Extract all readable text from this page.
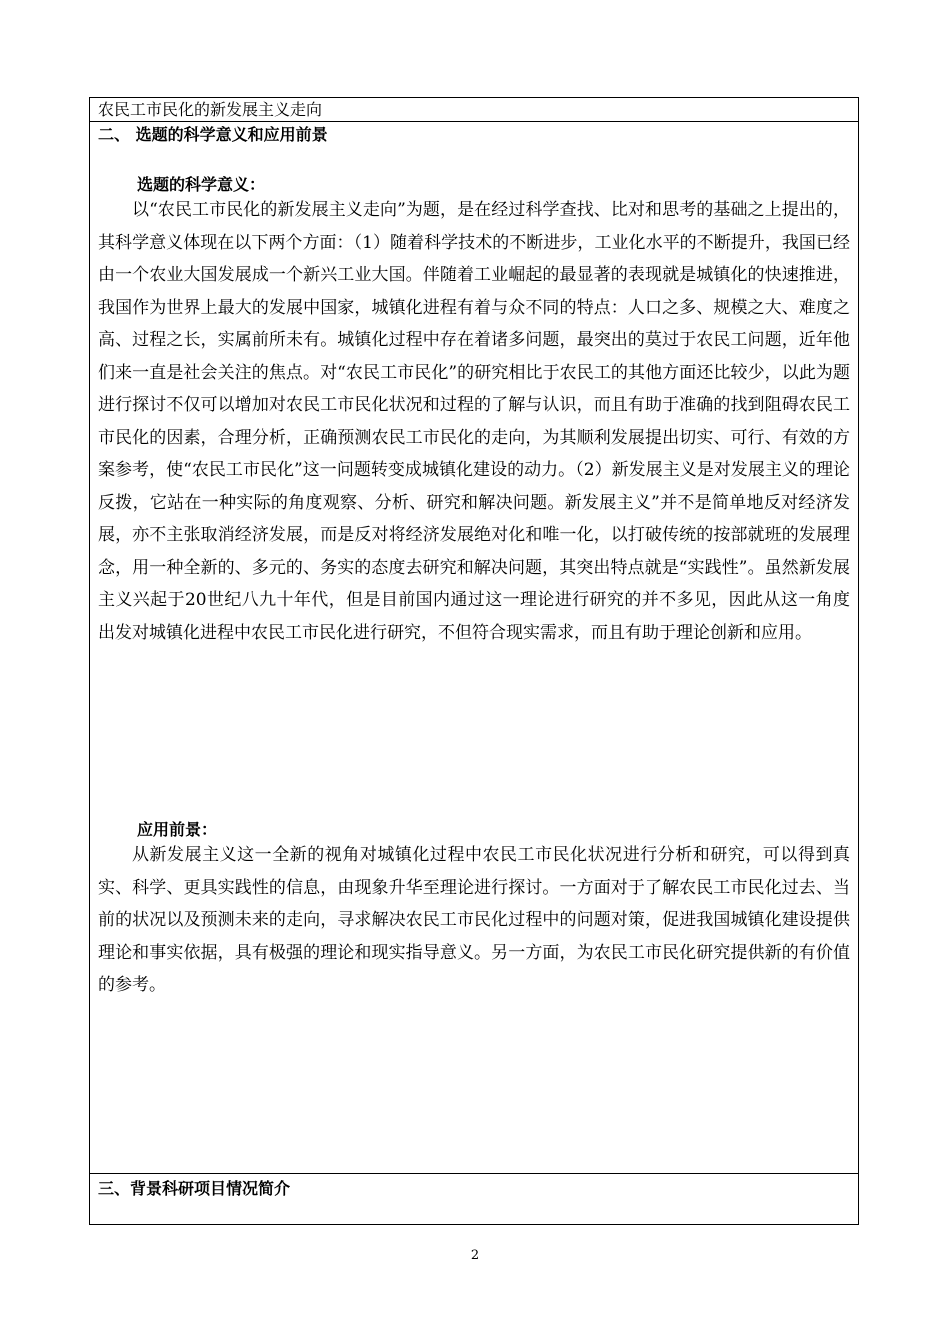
农民工市民化的新发展主义走向
二、 选题的科学意义和应用前景
选题的科学意义：

以“农民工市民化的新发展主义走向”为题，是在经过科学查找、比对和思考的基础之上提出的，其科学意义体现在以下两个方面：（1）随着科学技术的不断进步，工业化水平的不断提升，我国已经由一个农业大国发展成一个新兴工业大国。伴随着工业崛起的最显著的表现就是城镇化的快速推进，我国作为世界上最大的发展中国家，城镇化进程有着与众不同的特点：人口之多、规模之大、难度之高、过程之长，实属前所未有。城镇化过程中存在着诸多问题，最突出的莫过于农民工问题，近年他们来一直是社会关注的焦点。对“农民工市民化”的研究相比于农民工的其他方面还比较少，以此为题进行探讨不仅可以增加对农民工市民化状况和过程的了解与认识，而且有助于准确的找到阻碍农民工市民化的因素，合理分析，正确预测农民工市民化的走向，为其顺利发展提出切实、可行、有效的方案参考，使“农民工市民化”这一问题转变成城镇化建设的动力。（2）新发展主义是对发展主义的理论反拨，它站在一种实际的角度观察、分析、研究和解决问题。新发展主义”并不是简单地反对经济发展，亦不主张取消经济发展，而是反对将经济发展绝对化和唯一化，以打破传统的按部就班的发展理念，用一种全新的、多元的、务实的态度去研究和解决问题，其突出特点就是“实践性”。虽然新发展主义兴起于20世纪八九十年代，但是目前国内通过这一理论进行研究的并不多见，因此从这一角度出发对城镇化进程中农民工市民化进行研究，不但符合现实需求，而且有助于理论创新和应用。

应用前景：

从新发展主义这一全新的视角对城镇化过程中农民工市民化状况进行分析和研究，可以得到真实、科学、更具实践性的信息，由现象升华至理论进行探讨。一方面对于了解农民工市民化过去、当前的状况以及预测未来的走向，寻求解决农民工市民化过程中的问题对策，促进我国城镇化建设提供理论和事实依据，具有极强的理论和现实指导意义。另一方面，为农民工市民化研究提供新的有价值的参考。

三、背景科研项目情况简介
2
